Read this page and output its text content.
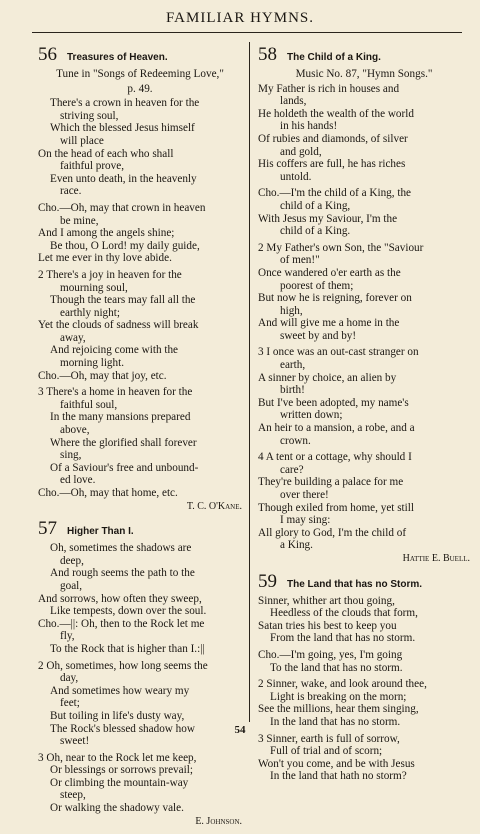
FAMILIAR HYMNS.
56 Treasures of Heaven.
Tune in "Songs of Redeeming Love,"
p. 49.
There's a crown in heaven for the
striving soul,
Which the blessed Jesus himself
will place
On the head of each who shall
faithful prove,
Even unto death, in the heavenly
race.
Cho.—Oh, may that crown in heaven
be mine,
And I among the angels shine;
Be thou, O Lord! my daily guide,
Let me ever in thy love abide.
2 There's a joy in heaven for the
mourning soul,
Though the tears may fall all the
earthly night;
Yet the clouds of sadness will break
away,
And rejoicing come with the
morning light.
Cho.—Oh, may that joy, etc.
3 There's a home in heaven for the
faithful soul,
In the many mansions prepared
above,
Where the glorified shall forever
sing,
Of a Saviour's free and unbound-
ed love.
Cho.—Oh, may that home, etc.
T. C. O'Kane.
57 Higher Than I.
Oh, sometimes the shadows are
deep,
And rough seems the path to the
goal,
And sorrows, how often they sweep,
Like tempests, down over the soul.
Cho.—||: Oh, then to the Rock let me
fly,
To the Rock that is higher than I.:||
2 Oh, sometimes, how long seems the
day,
And sometimes how weary my
feet;
But toiling in life's dusty way,
The Rock's blessed shadow how
sweet!
3 Oh, near to the Rock let me keep,
Or blessings or sorrows prevail;
Or climbing the mountain-way
steep,
Or walking the shadowy vale.
E. Johnson.
58 The Child of a King.
Music No. 87, "Hymn Songs."
My Father is rich in houses and
lands,
He holdeth the wealth of the world
in his hands!
Of rubies and diamonds, of silver
and gold,
His coffers are full, he has riches
untold.
Cho.—I'm the child of a King, the
child of a King,
With Jesus my Saviour, I'm the
child of a King.
2 My Father's own Son, the "Saviour
of men!"
Once wandered o'er earth as the
poorest of them;
But now he is reigning, forever on
high,
And will give me a home in the
sweet by and by!
3 I once was an out-cast stranger on
earth,
A sinner by choice, an alien by
birth!
But I've been adopted, my name's
written down;
An heir to a mansion, a robe, and a
crown.
4 A tent or a cottage, why should I
care?
They're building a palace for me
over there!
Though exiled from home, yet still
I may sing:
All glory to God, I'm the child of
a King.
Hattie E. Buell.
59 The Land that has no Storm.
Sinner, whither art thou going,
Heedless of the clouds that form,
Satan tries his best to keep you
From the land that has no storm.
Cho.—I'm going, yes, I'm going
To the land that has no storm.
2 Sinner, wake, and look around thee,
Light is breaking on the morn;
See the millions, hear them singing,
In the land that has no storm.
3 Sinner, earth is full of sorrow,
Full of trial and of scorn;
Won't you come, and be with Jesus
In the land that hath no storm?
54
